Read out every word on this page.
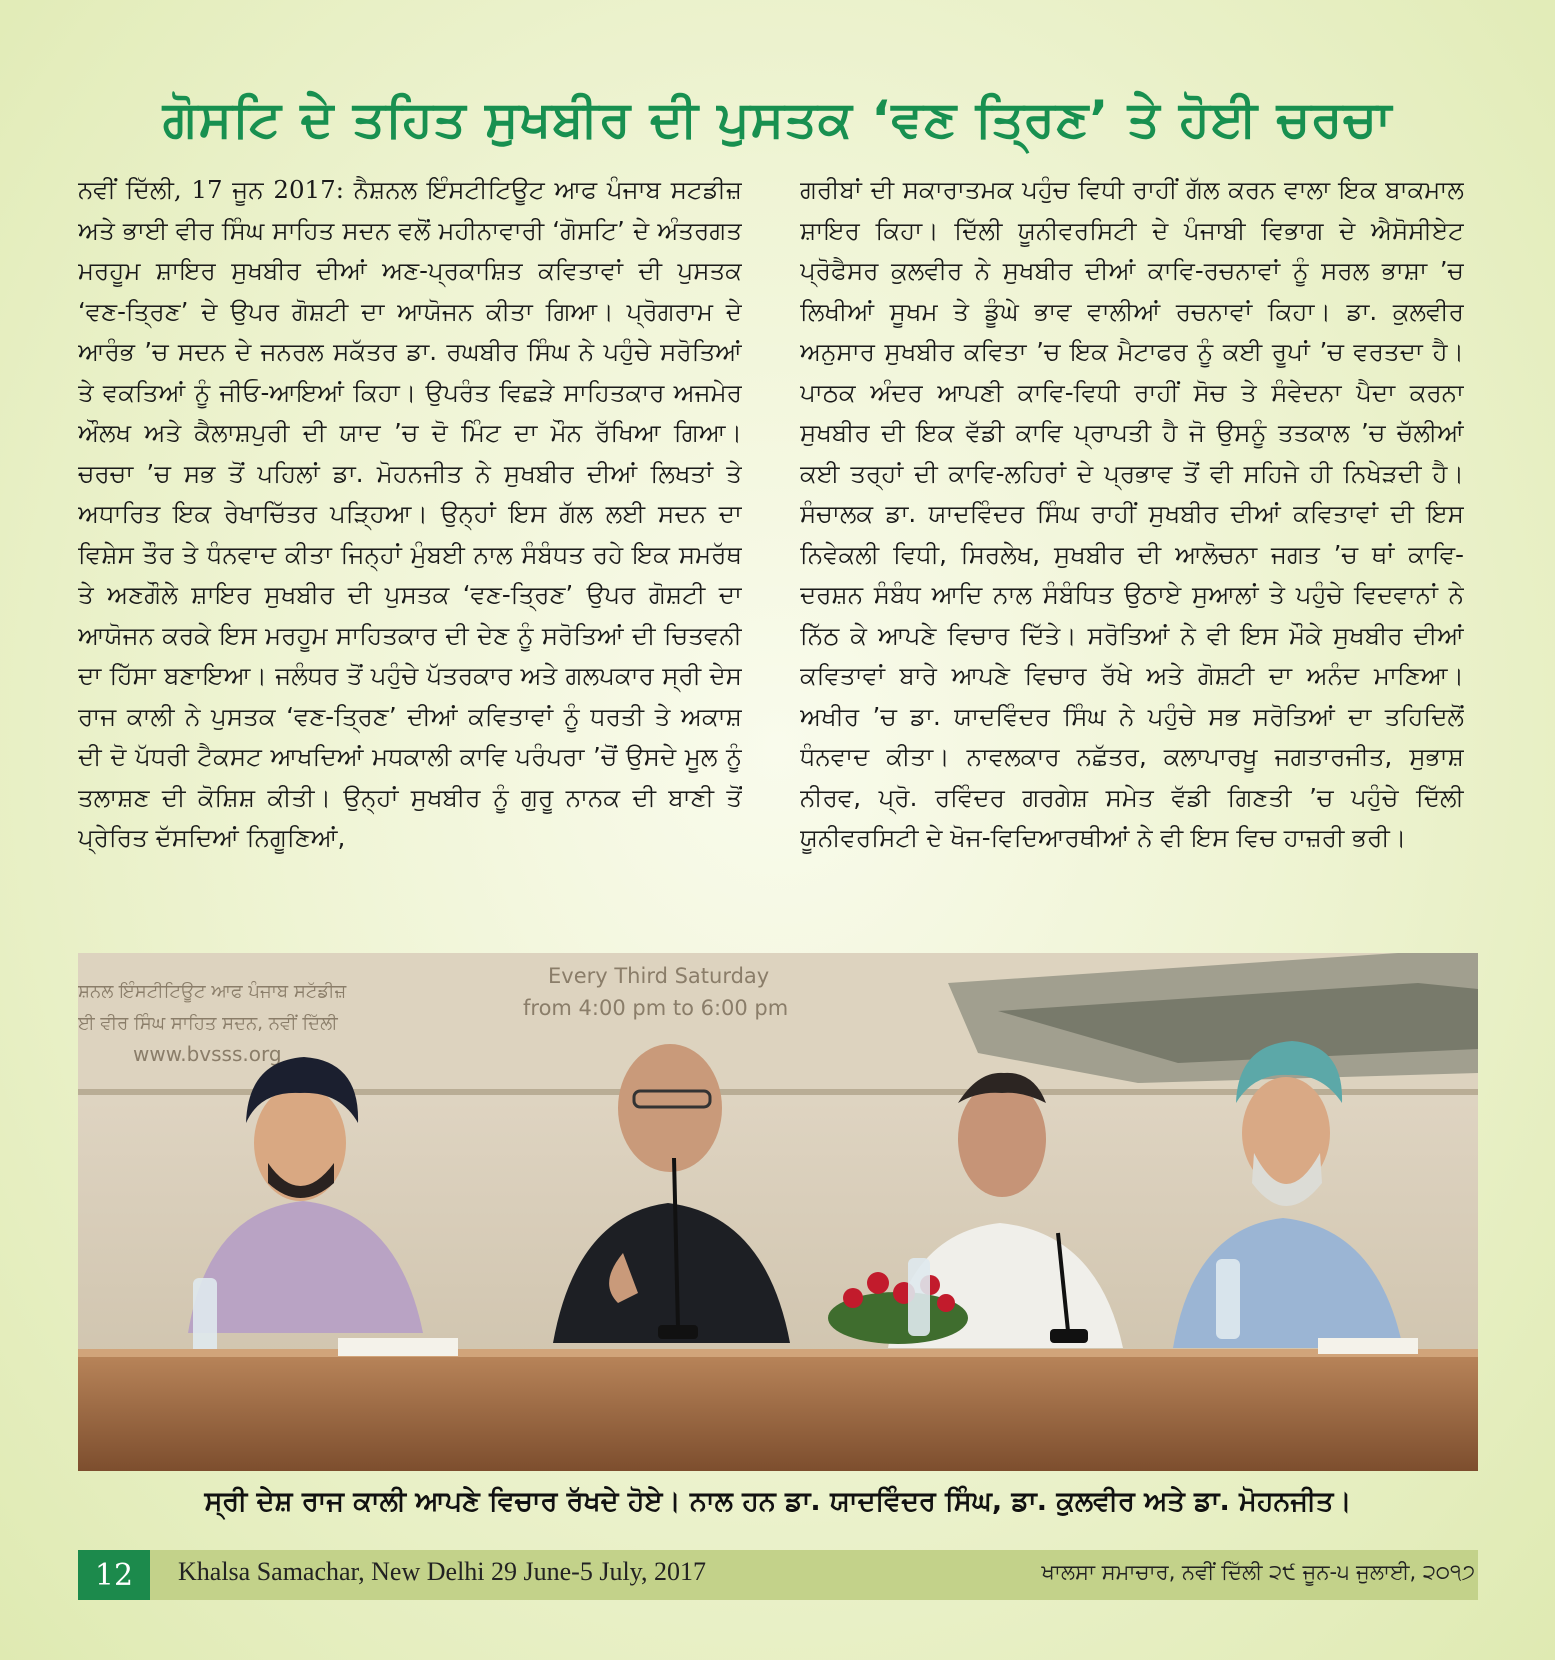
ਗੋਸਟਿ ਦੇ ਤਹਿਤ ਸੁਖਬੀਰ ਦੀ ਪੁਸਤਕ ‘ਵਣ ਤ੍ਰਿਣ’ ਤੇ ਹੋਈ ਚਰਚਾ
ਨਵੀਂ ਦਿੱਲੀ, 17 ਜੂਨ 2017: ਨੈਸ਼ਨਲ ਇੰਸਟੀਟਿਊਟ ਆਫ ਪੰਜਾਬ ਸਟਡੀਜ਼ ਅਤੇ ਭਾਈ ਵੀਰ ਸਿੰਘ ਸਾਹਿਤ ਸਦਨ ਵਲੋਂ ਮਹੀਨਾਵਾਰੀ ‘ਗੋਸਟਿ’ ਦੇ ਅੰਤਰਗਤ ਮਰਹੂਮ ਸ਼ਾਇਰ ਸੁਖਬੀਰ ਦੀਆਂ ਅਣ-ਪ੍ਰਕਾਸ਼ਿਤ ਕਵਿਤਾਵਾਂ ਦੀ ਪੁਸਤਕ ‘ਵਣ-ਤ੍ਰਿਣ’ ਦੇ ਉਪਰ ਗੋਸ਼ਟੀ ਦਾ ਆਯੋਜਨ ਕੀਤਾ ਗਿਆ। ਪ੍ਰੋਗਰਾਮ ਦੇ ਆਰੰਭ ’ਚ ਸਦਨ ਦੇ ਜਨਰਲ ਸਕੱਤਰ ਡਾ. ਰਘਬੀਰ ਸਿੰਘ ਨੇ ਪਹੁੰਚੇ ਸਰੋਤਿਆਂ ਤੇ ਵਕਤਿਆਂ ਨੂੰ ਜੀਓ-ਆਇਆਂ ਕਿਹਾ। ਉਪਰੰਤ ਵਿਛੜੇ ਸਾਹਿਤਕਾਰ ਅਜਮੇਰ ਔਲਖ ਅਤੇ ਕੈਲਾਸ਼ਪੁਰੀ ਦੀ ਯਾਦ ’ਚ ਦੋ ਮਿੰਟ ਦਾ ਮੌਨ ਰੱਖਿਆ ਗਿਆ। ਚਰਚਾ ’ਚ ਸਭ ਤੋਂ ਪਹਿਲਾਂ ਡਾ. ਮੋਹਨਜੀਤ ਨੇ ਸੁਖਬੀਰ ਦੀਆਂ ਲਿਖਤਾਂ ਤੇ ਅਧਾਰਿਤ ਇਕ ਰੇਖਾਚਿੱਤਰ ਪੜ੍ਹਿਆ। ਉਨ੍ਹਾਂ ਇਸ ਗੱਲ ਲਈ ਸਦਨ ਦਾ ਵਿਸ਼ੇਸ ਤੌਰ ਤੇ ਧੰਨਵਾਦ ਕੀਤਾ ਜਿਨ੍ਹਾਂ ਮੁੰਬਈ ਨਾਲ ਸੰਬੰਧਤ ਰਹੇ ਇਕ ਸਮਰੱਥ ਤੇ ਅਣਗੌਲੇ ਸ਼ਾਇਰ ਸੁਖਬੀਰ ਦੀ ਪੁਸਤਕ ‘ਵਣ-ਤ੍ਰਿਣ’ ਉਪਰ ਗੋਸ਼ਟੀ ਦਾ ਆਯੋਜਨ ਕਰਕੇ ਇਸ ਮਰਹੂਮ ਸਾਹਿਤਕਾਰ ਦੀ ਦੇਣ ਨੂੰ ਸਰੋਤਿਆਂ ਦੀ ਚਿਤਵਨੀ ਦਾ ਹਿੱਸਾ ਬਣਾਇਆ। ਜਲੰਧਰ ਤੋਂ ਪਹੁੰਚੇ ਪੱਤਰਕਾਰ ਅਤੇ ਗਲਪਕਾਰ ਸ੍ਰੀ ਦੇਸ ਰਾਜ ਕਾਲੀ ਨੇ ਪੁਸਤਕ ‘ਵਣ-ਤ੍ਰਿਣ’ ਦੀਆਂ ਕਵਿਤਾਵਾਂ ਨੂੰ ਧਰਤੀ ਤੇ ਅਕਾਸ਼ ਦੀ ਦੋ ਪੱਧਰੀ ਟੈਕਸਟ ਆਖਦਿਆਂ ਮਧਕਾਲੀ ਕਾਵਿ ਪਰੰਪਰਾ ’ਚੋਂ ਉਸਦੇ ਮੂਲ ਨੂੰ ਤਲਾਸ਼ਣ ਦੀ ਕੋਸ਼ਿਸ਼ ਕੀਤੀ। ਉਨ੍ਹਾਂ ਸੁਖਬੀਰ ਨੂੰ ਗੁਰੂ ਨਾਨਕ ਦੀ ਬਾਣੀ ਤੋਂ ਪ੍ਰੇਰਿਤ ਦੱਸਦਿਆਂ ਨਿਗੂਣਿਆਂ,
ਗਰੀਬਾਂ ਦੀ ਸਕਾਰਾਤਮਕ ਪਹੁੰਚ ਵਿਧੀ ਰਾਹੀਂ ਗੱਲ ਕਰਨ ਵਾਲਾ ਇਕ ਬਾਕਮਾਲ ਸ਼ਾਇਰ ਕਿਹਾ। ਦਿੱਲੀ ਯੂਨੀਵਰਸਿਟੀ ਦੇ ਪੰਜਾਬੀ ਵਿਭਾਗ ਦੇ ਐਸੋਸੀਏਟ ਪ੍ਰੋਫੈਸਰ ਕੁਲਵੀਰ ਨੇ ਸੁਖਬੀਰ ਦੀਆਂ ਕਾਵਿ-ਰਚਨਾਵਾਂ ਨੂੰ ਸਰਲ ਭਾਸ਼ਾ ’ਚ ਲਿਖੀਆਂ ਸੂਖਮ ਤੇ ਡੂੰਘੇ ਭਾਵ ਵਾਲੀਆਂ ਰਚਨਾਵਾਂ ਕਿਹਾ। ਡਾ. ਕੁਲਵੀਰ ਅਨੁਸਾਰ ਸੁਖਬੀਰ ਕਵਿਤਾ ’ਚ ਇਕ ਮੈਟਾਫਰ ਨੂੰ ਕਈ ਰੂਪਾਂ ’ਚ ਵਰਤਦਾ ਹੈ। ਪਾਠਕ ਅੰਦਰ ਆਪਣੀ ਕਾਵਿ-ਵਿਧੀ ਰਾਹੀਂ ਸੋਚ ਤੇ ਸੰਵੇਦਨਾ ਪੈਦਾ ਕਰਨਾ ਸੁਖਬੀਰ ਦੀ ਇਕ ਵੱਡੀ ਕਾਵਿ ਪ੍ਰਾਪਤੀ ਹੈ ਜੋ ਉਸਨੂੰ ਤਤਕਾਲ ’ਚ ਚੱਲੀਆਂ ਕਈ ਤਰ੍ਹਾਂ ਦੀ ਕਾਵਿ-ਲਹਿਰਾਂ ਦੇ ਪ੍ਰਭਾਵ ਤੋਂ ਵੀ ਸਹਿਜੇ ਹੀ ਨਿਖੇੜਦੀ ਹੈ। ਸੰਚਾਲਕ ਡਾ. ਯਾਦਵਿੰਦਰ ਸਿੰਘ ਰਾਹੀਂ ਸੁਖਬੀਰ ਦੀਆਂ ਕਵਿਤਾਵਾਂ ਦੀ ਇਸ ਨਿਵੇਕਲੀ ਵਿਧੀ, ਸਿਰਲੇਖ, ਸੁਖਬੀਰ ਦੀ ਆਲੋਚਨਾ ਜਗਤ ’ਚ ਥਾਂ ਕਾਵਿ-ਦਰਸ਼ਨ ਸੰਬੰਧ ਆਦਿ ਨਾਲ ਸੰਬੰਧਿਤ ਉਠਾਏ ਸੁਆਲਾਂ ਤੇ ਪਹੁੰਚੇ ਵਿਦਵਾਨਾਂ ਨੇ ਨਿੱਠ ਕੇ ਆਪਣੇ ਵਿਚਾਰ ਦਿੱਤੇ। ਸਰੋਤਿਆਂ ਨੇ ਵੀ ਇਸ ਮੌਕੇ ਸੁਖਬੀਰ ਦੀਆਂ ਕਵਿਤਾਵਾਂ ਬਾਰੇ ਆਪਣੇ ਵਿਚਾਰ ਰੱਖੇ ਅਤੇ ਗੋਸ਼ਟੀ ਦਾ ਅਨੰਦ ਮਾਣਿਆ। ਅਖੀਰ ’ਚ ਡਾ. ਯਾਦਵਿੰਦਰ ਸਿੰਘ ਨੇ ਪਹੁੰਚੇ ਸਭ ਸਰੋਤਿਆਂ ਦਾ ਤਹਿਦਿਲੋਂ ਧੰਨਵਾਦ ਕੀਤਾ। ਨਾਵਲਕਾਰ ਨਛੱਤਰ, ਕਲਾਪਾਰਖੂ ਜਗਤਾਰਜੀਤ, ਸੁਭਾਸ਼ ਨੀਰਵ, ਪ੍ਰੋ. ਰਵਿੰਦਰ ਗਰਗੇਸ਼ ਸਮੇਤ ਵੱਡੀ ਗਿਣਤੀ ’ਚ ਪਹੁੰਚੇ ਦਿੱਲੀ ਯੂਨੀਵਰਸਿਟੀ ਦੇ ਖੋਜ-ਵਿਦਿਆਰਥੀਆਂ ਨੇ ਵੀ ਇਸ ਵਿਚ ਹਾਜ਼ਰੀ ਭਰੀ।
ਸ਼ਨਲ ਇੰਸਟੀਟਿਊਟ ਆਫ ਪੰਜਾਬ ਸਟੱਡੀਜ਼
ਈ ਵੀਰ ਸਿੰਘ ਸਾਹਿਤ ਸਦਨ, ਨਵੀਂ ਦਿੱਲੀ
www.bvsss.org
Every Third Saturday
from 4:00 pm to 6:00 pm
ਸ੍ਰੀ ਦੇਸ਼ ਰਾਜ ਕਾਲੀ ਆਪਣੇ ਵਿਚਾਰ ਰੱਖਦੇ ਹੋਏ। ਨਾਲ ਹਨ ਡਾ. ਯਾਦਵਿੰਦਰ ਸਿੰਘ, ਡਾ. ਕੁਲਵੀਰ ਅਤੇ ਡਾ. ਮੋਹਨਜੀਤ।
12	Khalsa Samachar, New Delhi 29 June-5 July, 2017	ਖਾਲਸਾ ਸਮਾਚਾਰ, ਨਵੀਂ ਦਿੱਲੀ ੨੯ ਜੂਨ-੫ ਜੁਲਾਈ, ੨੦੧੭
